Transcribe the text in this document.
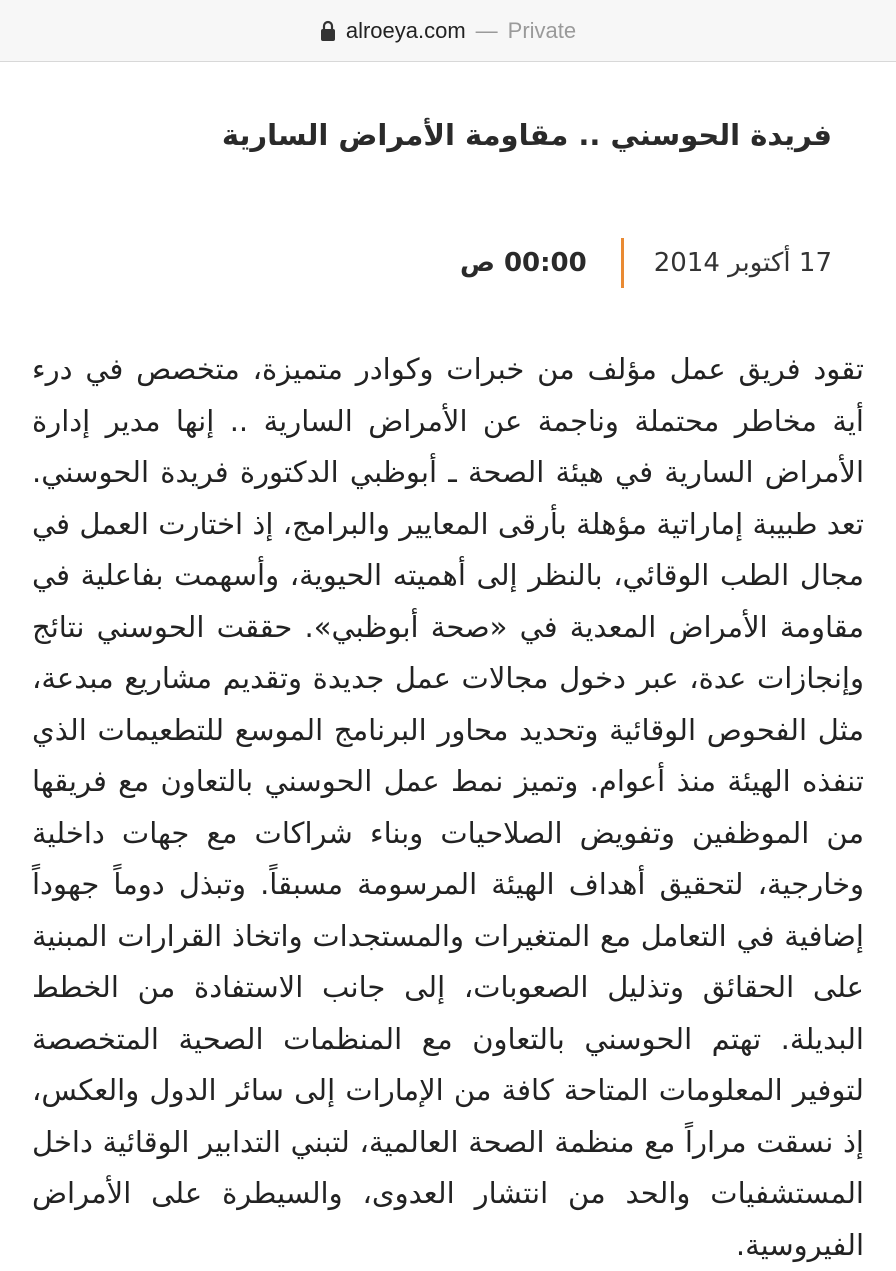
alroeya.com — Private
فريدة الحوسني .. مقاومة الأمراض السارية
17 أكتوبر 2014
00:00 ص

تقود فريق عمل مؤلف من خبرات وكوادر متميزة، متخصص في درء أية مخاطر محتملة وناجمة عن الأمراض السارية .. إنها مدير إدارة الأمراض السارية في هيئة الصحة ـ أبوظبي الدكتورة فريدة الحوسني. تعد طبيبة إماراتية مؤهلة بأرقى المعايير والبرامج، إذ اختارت العمل في مجال الطب الوقائي، بالنظر إلى أهميته الحيوية، وأسهمت بفاعلية في مقاومة الأمراض المعدية في «صحة أبوظبي». حققت الحوسني نتائج وإنجازات عدة، عبر دخول مجالات عمل جديدة وتقديم مشاريع مبدعة، مثل الفحوص الوقائية وتحديد محاور البرنامج الموسع للتطعيمات الذي تنفذه الهيئة منذ أعوام. وتميز نمط عمل الحوسني بالتعاون مع فريقها من الموظفين وتفويض الصلاحيات وبناء شراكات مع جهات داخلية وخارجية، لتحقيق أهداف الهيئة المرسومة مسبقاً. وتبذل دوماً جهوداً إضافية في التعامل مع المتغيرات والمستجدات واتخاذ القرارات المبنية على الحقائق وتذليل الصعوبات، إلى جانب الاستفادة من الخطط البديلة. تهتم الحوسني بالتعاون مع المنظمات الصحية المتخصصة لتوفير المعلومات المتاحة كافة من الإمارات إلى سائر الدول والعكس، إذ نسقت مراراً مع منظمة الصحة العالمية، لتبني التدابير الوقائية داخل المستشفيات والحد من انتشار العدوى، والسيطرة على الأمراض الفيروسية.
